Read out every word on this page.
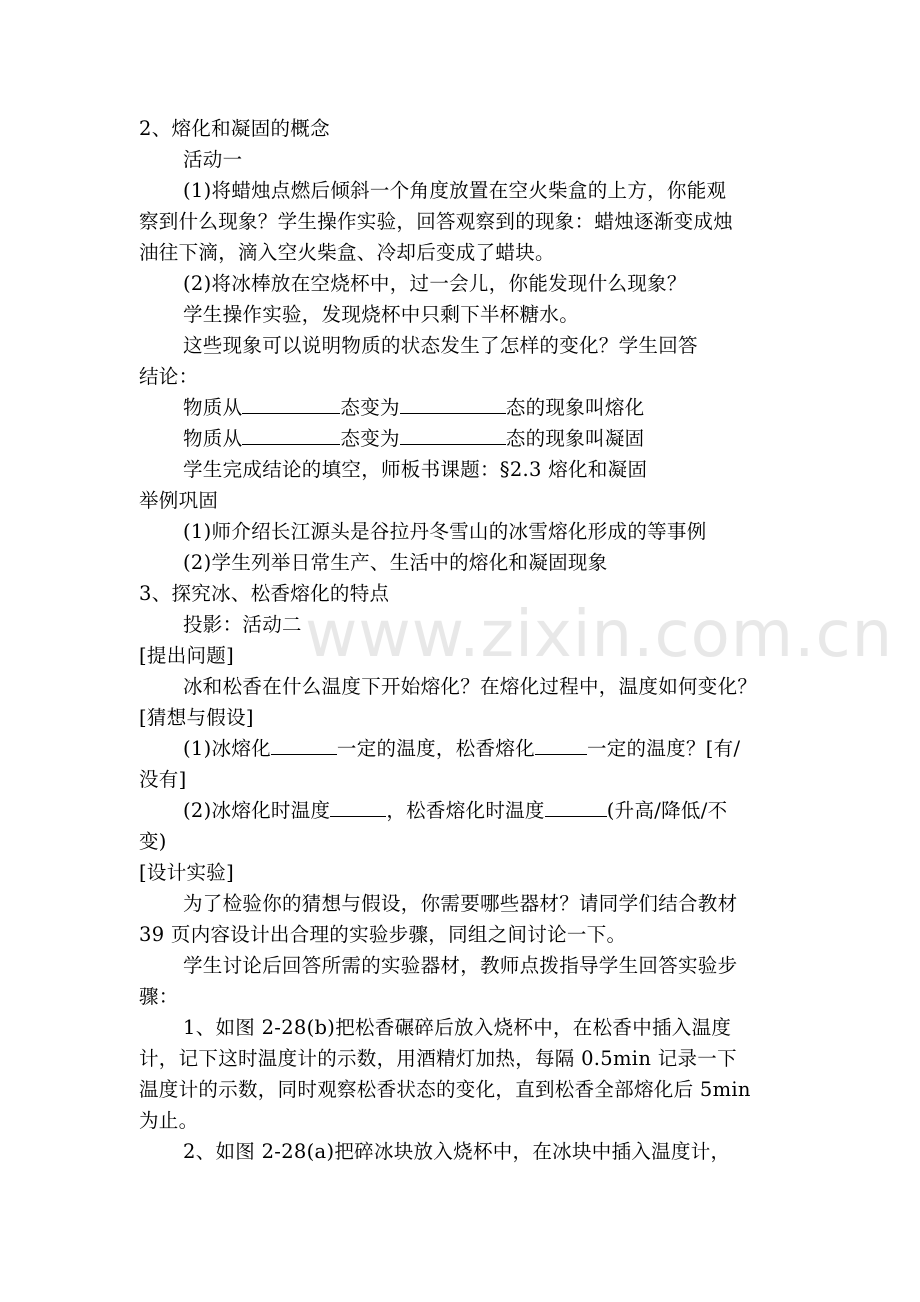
www.zixin.com.cn
2、熔化和凝固的概念
活动一
(1)将蜡烛点燃后倾斜一个角度放置在空火柴盒的上方，你能观
察到什么现象？学生操作实验，回答观察到的现象：蜡烛逐渐变成烛
油往下滴，滴入空火柴盒、冷却后变成了蜡块。
(2)将冰棒放在空烧杯中，过一会儿，你能发现什么现象？
学生操作实验，发现烧杯中只剩下半杯糖水。
这些现象可以说明物质的状态发生了怎样的变化？学生回答
结论：
物质从	态变为	态的现象叫熔化
物质从	态变为	态的现象叫凝固
学生完成结论的填空，师板书课题：§2.3 熔化和凝固
举例巩固
(1)师介绍长江源头是谷拉丹冬雪山的冰雪熔化形成的等事例
(2)学生列举日常生产、生活中的熔化和凝固现象
3、探究冰、松香熔化的特点
投影：活动二
[提出问题]
冰和松香在什么温度下开始熔化？在熔化过程中，温度如何变化？
[猜想与假设]
(1)冰熔化	一定的温度，松香熔化	一定的温度？[有/
没有]
(2)冰熔化时温度	，松香熔化时温度	(升高/降低/不
变)
[设计实验]
为了检验你的猜想与假设，你需要哪些器材？请同学们结合教材
39 页内容设计出合理的实验步骤，同组之间讨论一下。
学生讨论后回答所需的实验器材，教师点拨指导学生回答实验步
骤：
1、如图 2-28(b)把松香碾碎后放入烧杯中，在松香中插入温度
计，记下这时温度计的示数，用酒精灯加热，每隔 0.5min 记录一下
温度计的示数，同时观察松香状态的变化，直到松香全部熔化后 5min
为止。
2、如图 2-28(a)把碎冰块放入烧杯中，在冰块中插入温度计，
